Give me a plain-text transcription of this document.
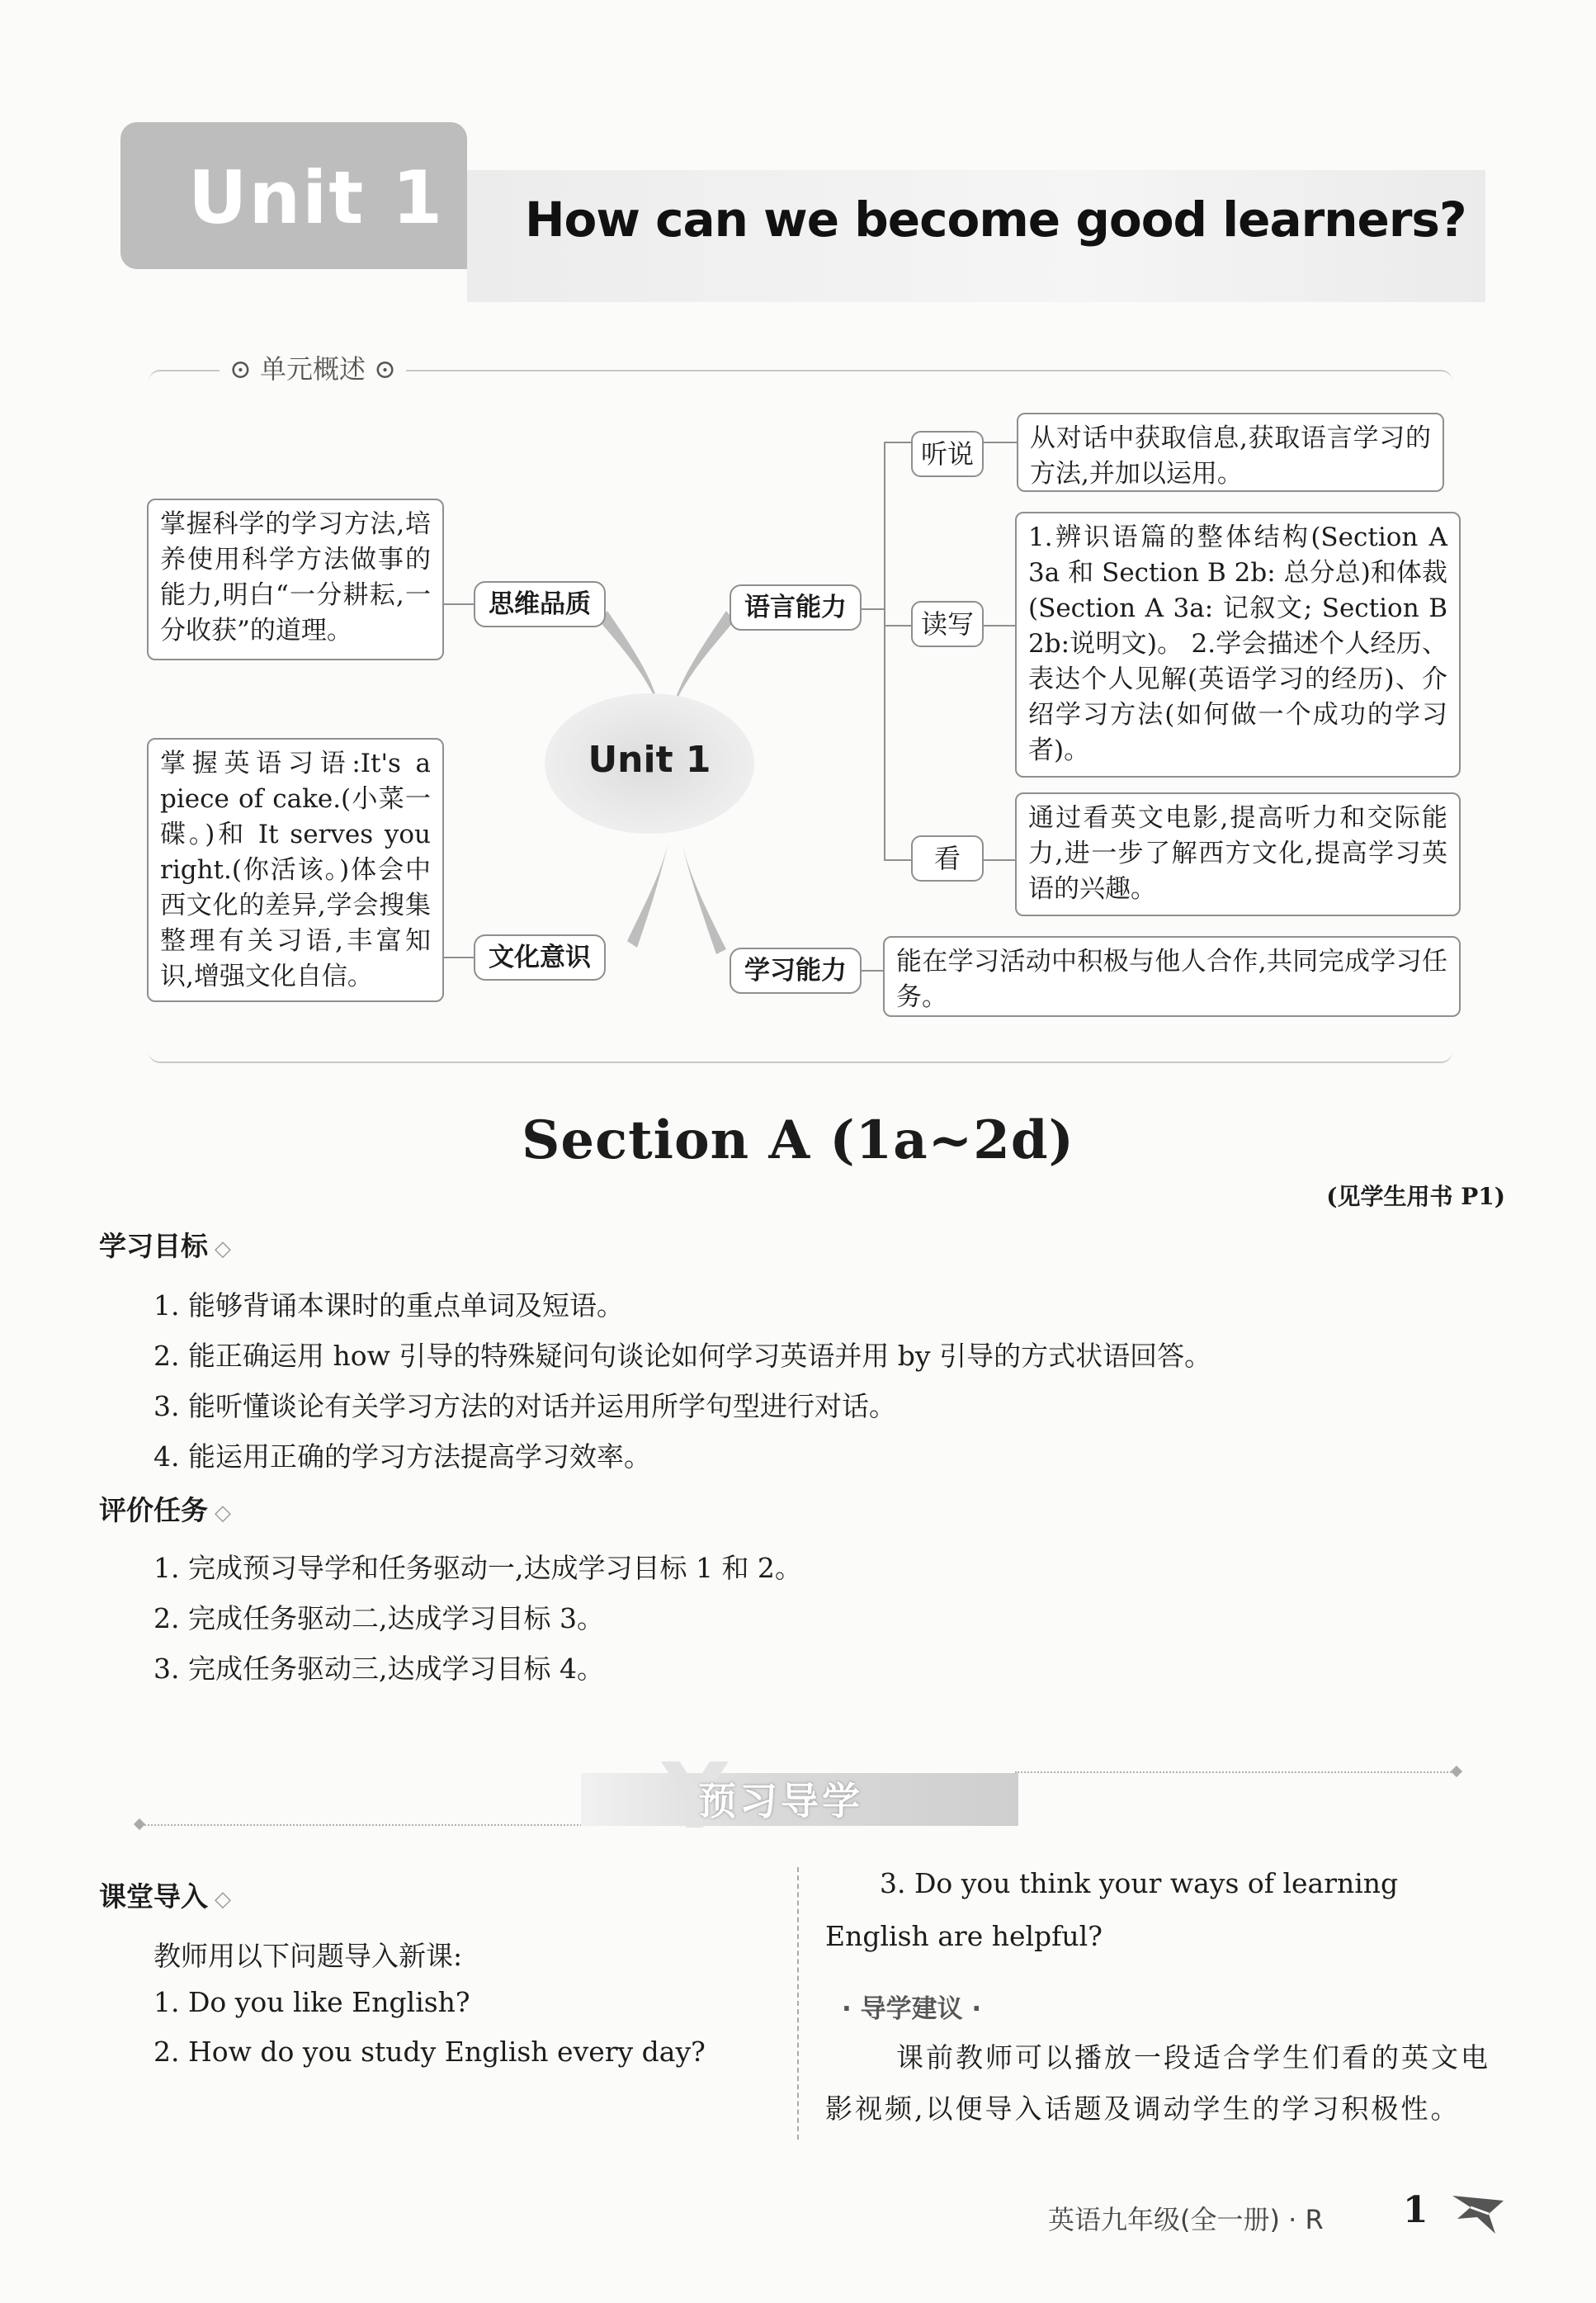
Unit 1 How can we become good learners?
⊙ 单元概述 ⊙
Unit 1
掌握科学的学习方法,培养使用科学方法做事的能力,明白“一分耕耘,一分收获”的道理。
思维品质
掌握英语习语:It's a piece of cake.(小菜一碟。)和 It serves you right.(你活该。)体会中西文化的差异,学会搜集整理有关习语,丰富知识,增强文化自信。
文化意识
语言能力
学习能力
听说	从对话中获取信息,获取语言学习的方法,并加以运用。
读写
1.辨识语篇的整体结构(Section A 3a 和 Section B 2b: 总分总)和体裁(Section A 3a: 记叙文; Section B 2b:说明文)。 2.学会描述个人经历、表达个人见解(英语学习的经历)、介绍学习方法(如何做一个成功的学习者)。
看
通过看英文电影,提高听力和交际能力,进一步了解西方文化,提高学习英语的兴趣。
能在学习活动中积极与他人合作,共同完成学习任务。
Section A (1a~2d)
(见学生用书 P1)
学习目标 ◇
1. 能够背诵本课时的重点单词及短语。
2. 能正确运用 how 引导的特殊疑问句谈论如何学习英语并用 by 引导的方式状语回答。
3. 能听懂谈论有关学习方法的对话并运用所学句型进行对话。
4. 能运用正确的学习方法提高学习效率。
评价任务 ◇
1. 完成预习导学和任务驱动一,达成学习目标 1 和 2。
2. 完成任务驱动二,达成学习目标 3。
3. 完成任务驱动三,达成学习目标 4。
Y
预习导学
课堂导入 ◇
教师用以下问题导入新课:
1. Do you like English?
2. How do you study English every day?
3. Do you think your ways of learning English are helpful?
· 导学建议 ·
课前教师可以播放一段适合学生们看的英文电影视频,以便导入话题及调动学生的学习积极性。
英语九年级(全一册) · R 1
